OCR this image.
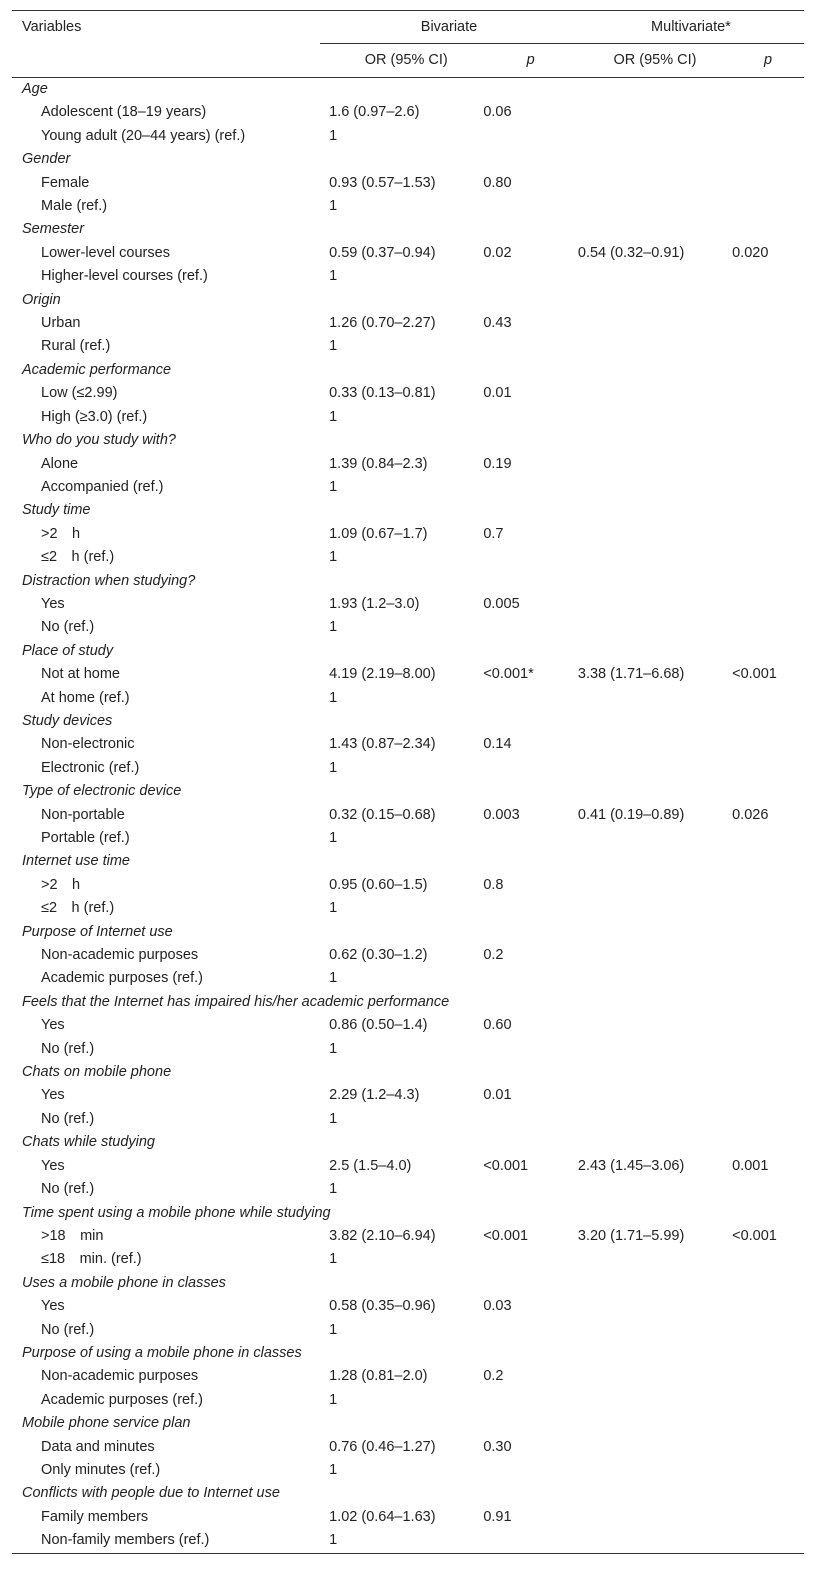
Variables	Bivariate		Multivariate*	
	OR (95% CI)	p	OR (95% CI)	p
Age				
Adolescent (18–19 years)	1.6 (0.97–2.6)	0.06		
Young adult (20–44 years) (ref.)	1			
Gender				
Female	0.93 (0.57–1.53)	0.80		
Male (ref.)	1			
Semester				
Lower-level courses	0.59 (0.37–0.94)	0.02	0.54 (0.32–0.91)	0.020
Higher-level courses (ref.)	1			
Origin				
Urban	1.26 (0.70–2.27)	0.43		
Rural (ref.)	1			
Academic performance				
Low (≤2.99)	0.33 (0.13–0.81)	0.01		
High (≥3.0) (ref.)	1			
Who do you study with?				
Alone	1.39 (0.84–2.3)	0.19		
Accompanied (ref.)	1			
Study time				
>2 h	1.09 (0.67–1.7)	0.7		
≤2 h (ref.)	1			
Distraction when studying?				
Yes	1.93 (1.2–3.0)	0.005		
No (ref.)	1			
Place of study				
Not at home	4.19 (2.19–8.00)	<0.001*	3.38 (1.71–6.68)	<0.001
At home (ref.)	1			
Study devices				
Non-electronic	1.43 (0.87–2.34)	0.14		
Electronic (ref.)	1			
Type of electronic device				
Non-portable	0.32 (0.15–0.68)	0.003	0.41 (0.19–0.89)	0.026
Portable (ref.)	1			
Internet use time				
>2 h	0.95 (0.60–1.5)	0.8		
≤2 h (ref.)	1			
Purpose of Internet use				
Non-academic purposes	0.62 (0.30–1.2)	0.2		
Academic purposes (ref.)	1			
Feels that the Internet has impaired his/her academic performance				
Yes	0.86 (0.50–1.4)	0.60		
No (ref.)	1			
Chats on mobile phone				
Yes	2.29 (1.2–4.3)	0.01		
No (ref.)	1			
Chats while studying				
Yes	2.5 (1.5–4.0)	<0.001	2.43 (1.45–3.06)	0.001
No (ref.)	1			
Time spent using a mobile phone while studying				
>18 min	3.82 (2.10–6.94)	<0.001	3.20 (1.71–5.99)	<0.001
≤18 min. (ref.)	1			
Uses a mobile phone in classes				
Yes	0.58 (0.35–0.96)	0.03		
No (ref.)	1			
Purpose of using a mobile phone in classes				
Non-academic purposes	1.28 (0.81–2.0)	0.2		
Academic purposes (ref.)	1			
Mobile phone service plan				
Data and minutes	0.76 (0.46–1.27)	0.30		
Only minutes (ref.)	1			
Conflicts with people due to Internet use				
Family members	1.02 (0.64–1.63)	0.91		
Non-family members (ref.)	1			
